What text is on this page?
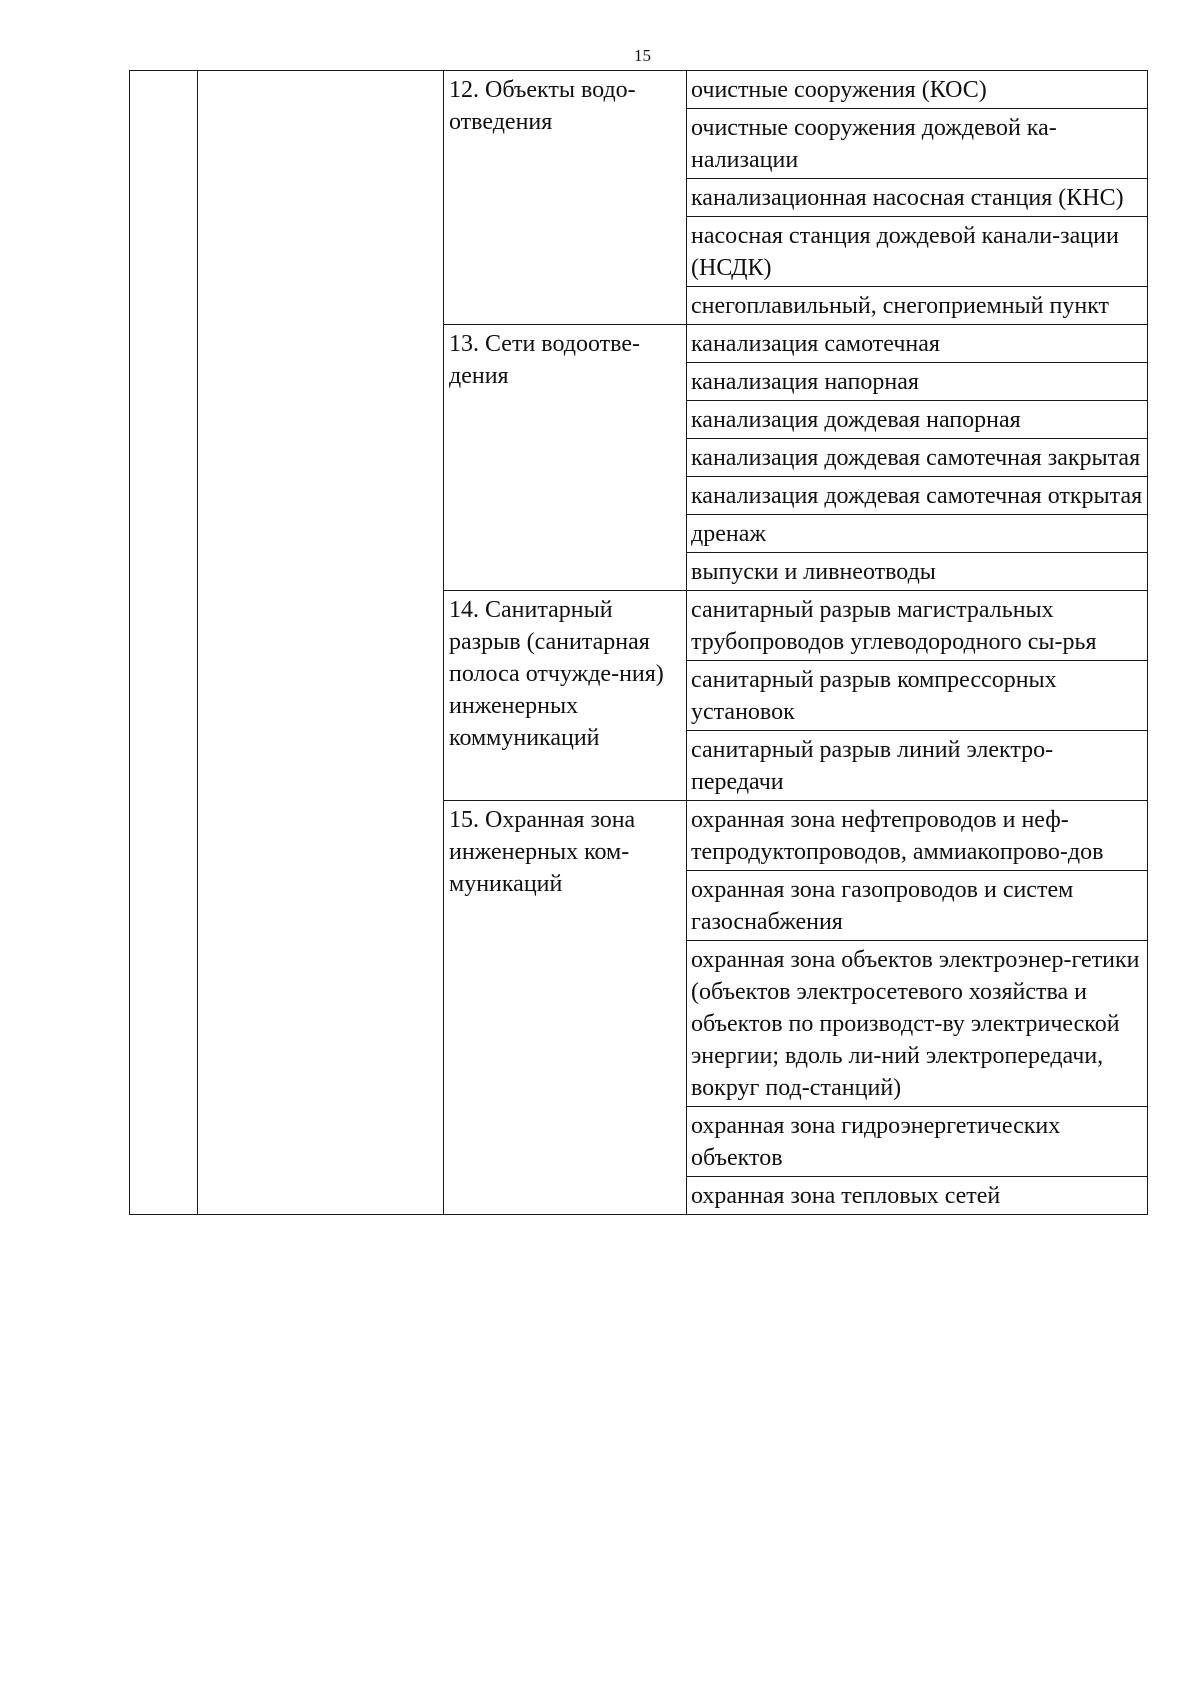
15
		12. Объекты водо-отведения	очистные сооружения (КОС)
			очистные сооружения дождевой ка-нализации
			канализационная насосная станция (КНС)
			насосная станция дождевой канали-зации (НСДК)
			снегоплавильный, снегоприемный пункт
		13. Сети водоотве-дения	канализация самотечная
			канализация напорная
			канализация дождевая напорная
			канализация дождевая самотечная закрытая
			канализация дождевая самотечная открытая
			дренаж
			выпуски и ливнеотводы
		14. Санитарный разрыв (санитарная полоса отчужде-ния) инженерных коммуникаций	санитарный разрыв магистральных трубопроводов углеводородного сы-рья
			санитарный разрыв компрессорных установок
			санитарный разрыв линий электро-передачи
		15. Охранная зона инженерных ком-муникаций	охранная зона нефтепроводов и неф-тепродуктопроводов, аммиакопрово-дов
			охранная зона газопроводов и систем газоснабжения
			охранная зона объектов электроэнер-гетики (объектов электросетевого хозяйства и объектов по производст-ву электрической энергии; вдоль ли-ний электропередачи, вокруг под-станций)
			охранная зона гидроэнергетических объектов
			охранная зона тепловых сетей
